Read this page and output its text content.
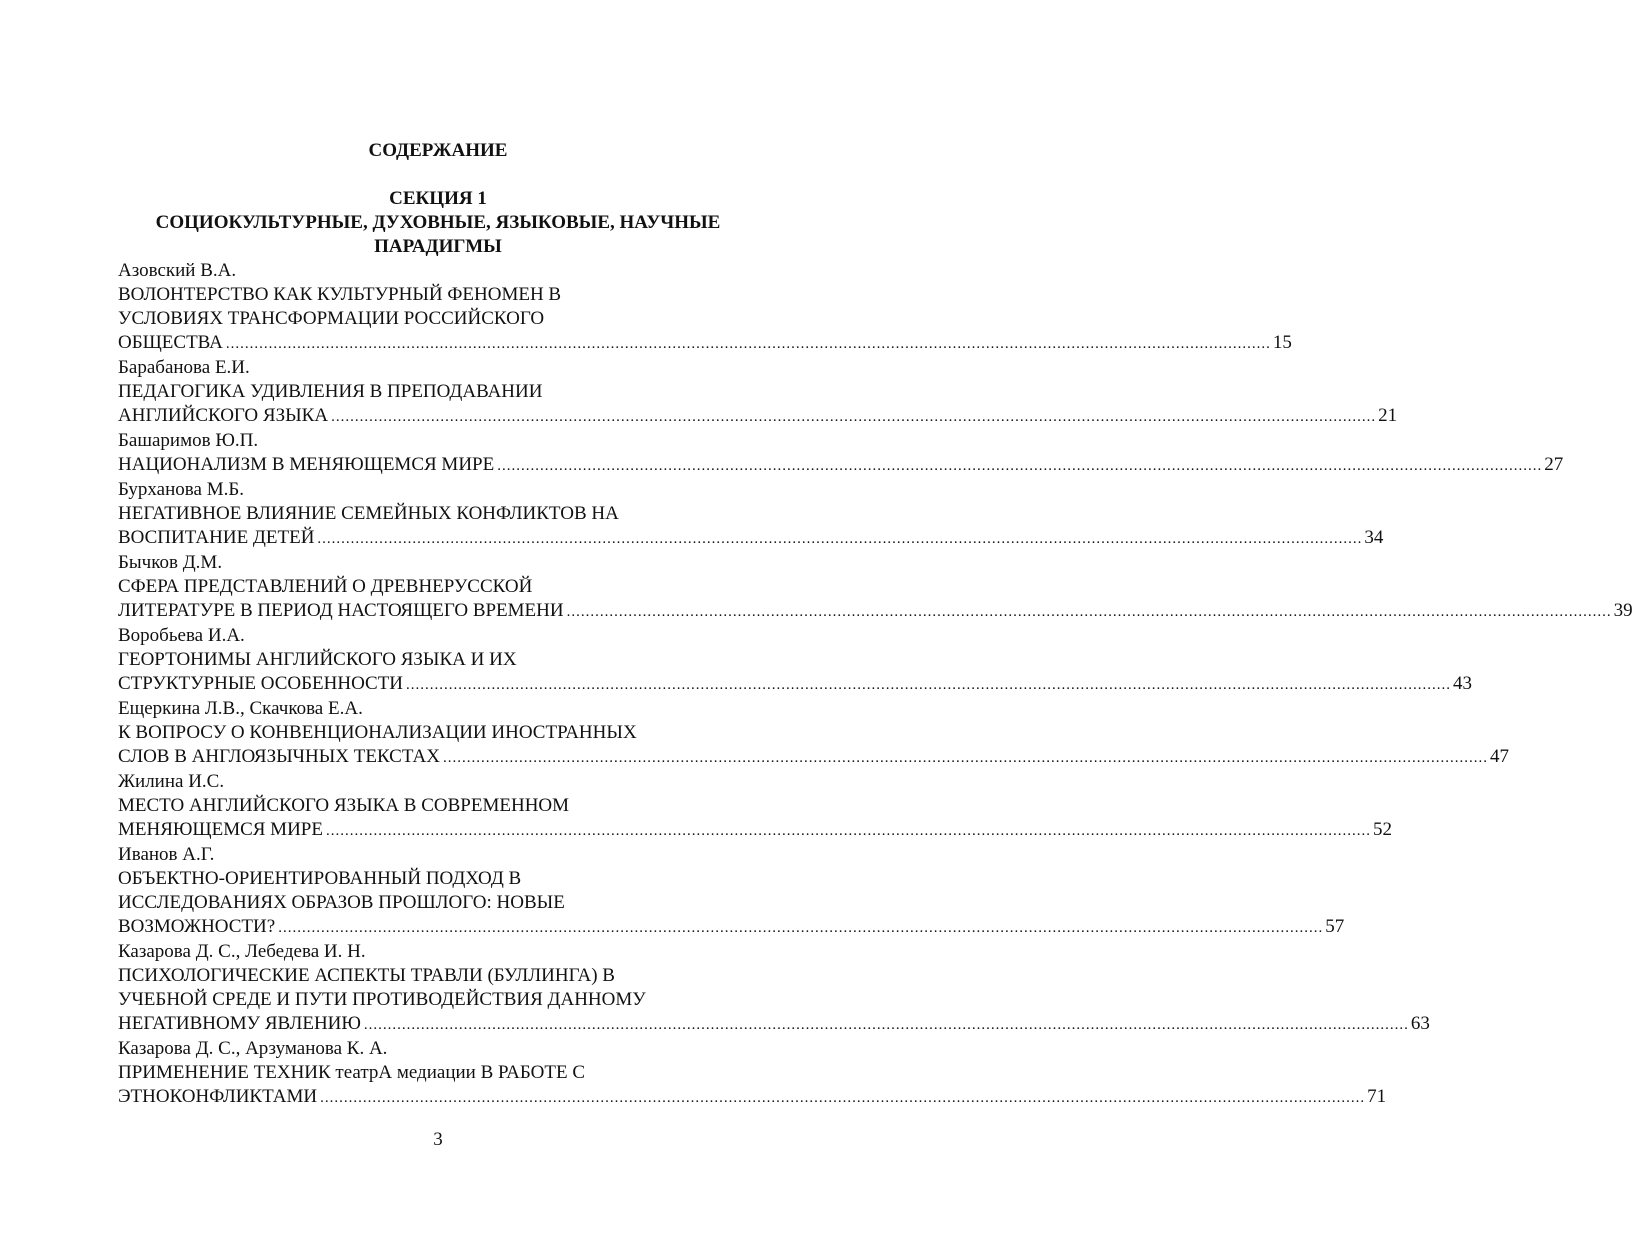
СОДЕРЖАНИЕ
СЕКЦИЯ 1
СОЦИОКУЛЬТУРНЫЕ, ДУХОВНЫЕ, ЯЗЫКОВЫЕ, НАУЧНЫЕ
ПАРАДИГМЫ
Азовский В.А.
ВОЛОНТЕРСТВО КАК КУЛЬТУРНЫЙ ФЕНОМЕН В
УСЛОВИЯХ ТРАНСФОРМАЦИИ РОССИЙСКОГО
ОБЩЕСТВА ............................................................................................................................................................................................................................ 15
Барабанова Е.И.
ПЕДАГОГИКА УДИВЛЕНИЯ В ПРЕПОДАВАНИИ
АНГЛИЙСКОГО ЯЗЫКА ............................................................................................................................................................................................................................ 21
Башаримов Ю.П.
НАЦИОНАЛИЗМ В МЕНЯЮЩЕМСЯ МИРЕ ............................................................................................................................................................................................................................ 27
Бурханова М.Б.
НЕГАТИВНОЕ ВЛИЯНИЕ СЕМЕЙНЫХ КОНФЛИКТОВ НА
ВОСПИТАНИЕ ДЕТЕЙ ............................................................................................................................................................................................................................ 34
Бычков Д.М.
СФЕРА ПРЕДСТАВЛЕНИЙ О ДРЕВНЕРУССКОЙ
ЛИТЕРАТУРЕ В ПЕРИОД НАСТОЯЩЕГО ВРЕМЕНИ ............................................................................................................................................................................................................................ 39
Воробьева И.А.
ГЕОРТОНИМЫ АНГЛИЙСКОГО ЯЗЫКА И ИХ
СТРУКТУРНЫЕ ОСОБЕННОСТИ ............................................................................................................................................................................................................................ 43
Ещеркина Л.В., Скачкова Е.А.
К ВОПРОСУ О КОНВЕНЦИОНАЛИЗАЦИИ ИНОСТРАННЫХ
СЛОВ В АНГЛОЯЗЫЧНЫХ ТЕКСТАХ ............................................................................................................................................................................................................................ 47
Жилина И.С.
МЕСТО АНГЛИЙСКОГО ЯЗЫКА В СОВРЕМЕННОМ
МЕНЯЮЩЕМСЯ МИРЕ ............................................................................................................................................................................................................................ 52
Иванов А.Г.
ОБЪЕКТНО-ОРИЕНТИРОВАННЫЙ ПОДХОД В
ИССЛЕДОВАНИЯХ ОБРАЗОВ ПРОШЛОГО: НОВЫЕ
ВОЗМОЖНОСТИ? ............................................................................................................................................................................................................................ 57
Казарова Д. С., Лебедева И. Н.
ПСИХОЛОГИЧЕСКИЕ АСПЕКТЫ ТРАВЛИ (БУЛЛИНГА) В
УЧЕБНОЙ СРЕДЕ И ПУТИ ПРОТИВОДЕЙСТВИЯ ДАННОМУ
НЕГАТИВНОМУ ЯВЛЕНИЮ ............................................................................................................................................................................................................................ 63
Казарова Д. С., Арзуманова К. А.
ПРИМЕНЕНИЕ ТЕХНИК театрА медиации В РАБОТЕ С
ЭТНОКОНФЛИКТАМИ ............................................................................................................................................................................................................................ 71
3
